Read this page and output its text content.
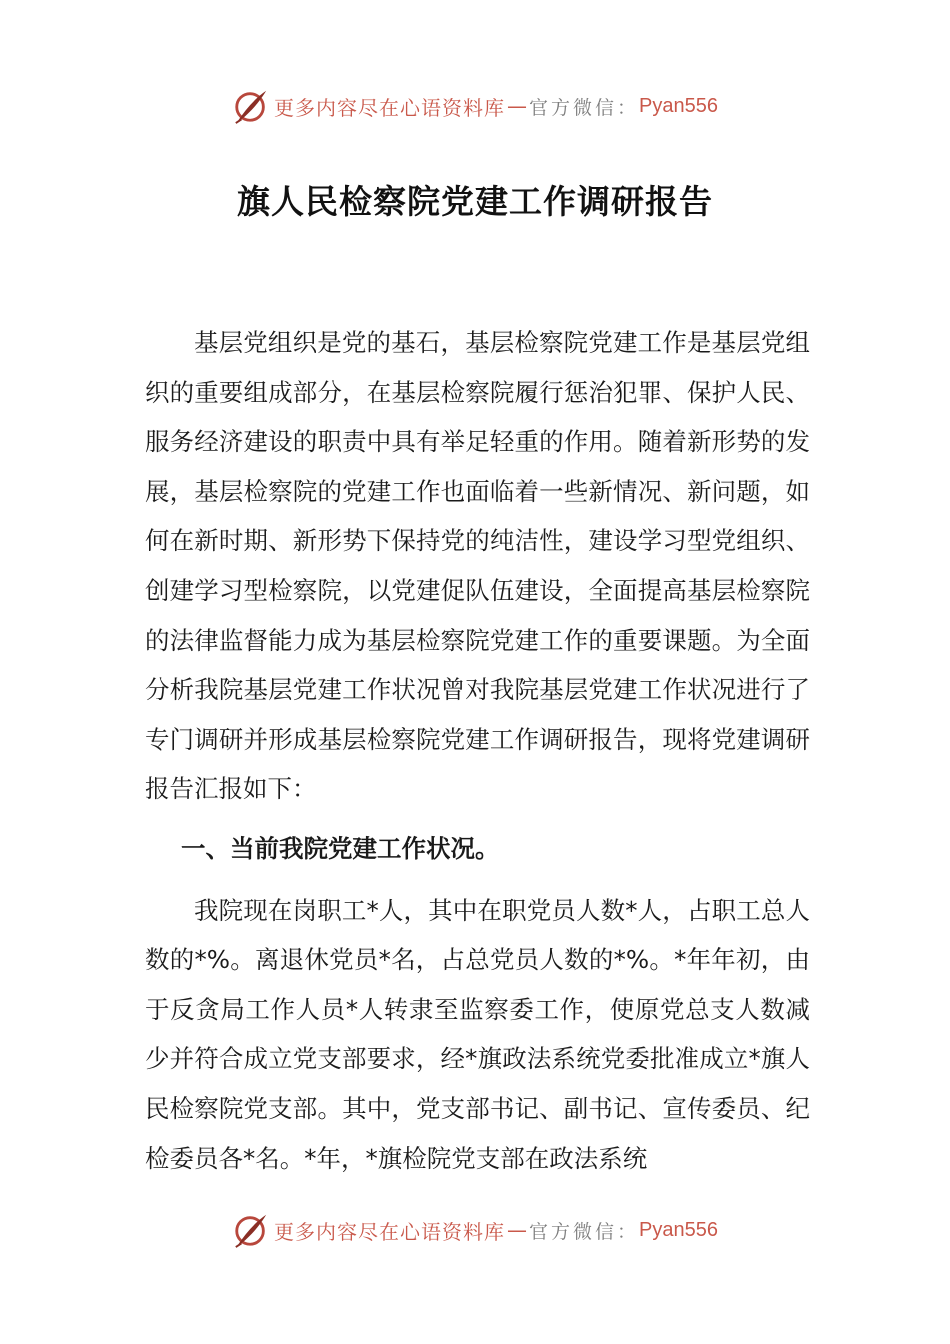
更多内容尽在心语资料库 — 官方微信： Pyan556
旗人民检察院党建工作调研报告

基层党组织是党的基石，基层检察院党建工作是基层党组织的重要组成部分，在基层检察院履行惩治犯罪、保护人民、服务经济建设的职责中具有举足轻重的作用。随着新形势的发展，基层检察院的党建工作也面临着一些新情况、新问题，如何在新时期、新形势下保持党的纯洁性，建设学习型党组织、创建学习型检察院，以党建促队伍建设，全面提高基层检察院的法律监督能力成为基层检察院党建工作的重要课题。为全面分析我院基层党建工作状况曾对我院基层党建工作状况进行了专门调研并形成基层检察院党建工作调研报告，现将党建调研报告汇报如下：

一、当前我院党建工作状况。

我院现在岗职工*人，其中在职党员人数*人，占职工总人数的*%。离退休党员*名，占总党员人数的*%。*年年初，由于反贪局工作人员*人转隶至监察委工作，使原党总支人数减少并符合成立党支部要求，经*旗政法系统党委批准成立*旗人民检察院党支部。其中，党支部书记、副书记、宣传委员、纪检委员各*名。*年，*旗检院党支部在政法系统

更多内容尽在心语资料库 — 官方微信： Pyan556
